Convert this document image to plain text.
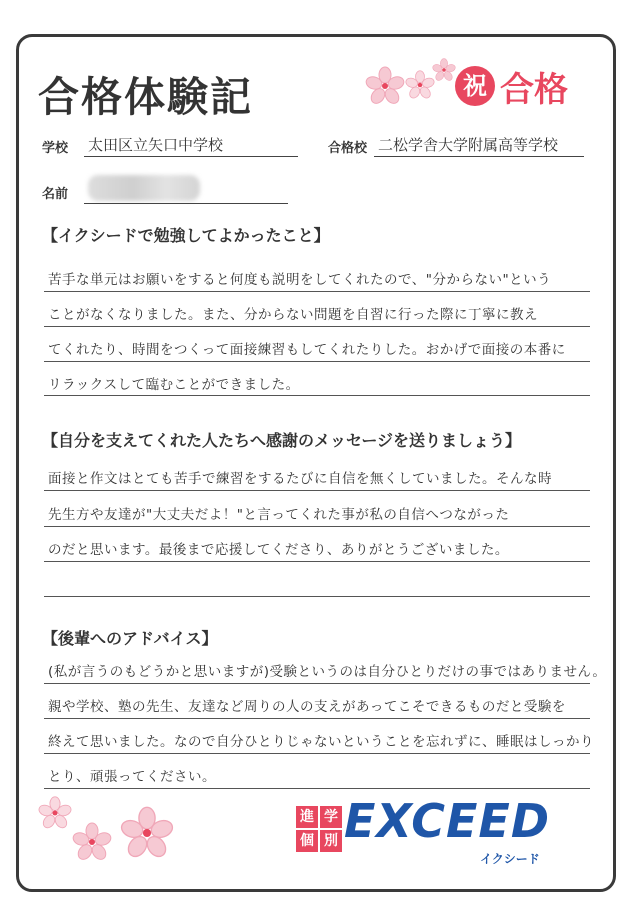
合格体験記	祝 合格
学校 太田区立矢口中学校	合格校 二松学舎大学附属高等学校
名前
【イクシードで勉強してよかったこと】
苦手な単元はお願いをすると何度も説明をしてくれたので、"分からない"という
ことがなくなりました。また、分からない問題を自習に行った際に丁寧に教え
てくれたり、時間をつくって面接練習もしてくれたりした。おかげで面接の本番に
リラックスして臨むことができました。
【自分を支えてくれた人たちへ感謝のメッセージを送りましょう】
面接と作文はとても苦手で練習をするたびに自信を無くしていました。そんな時
先生方や友達が"大丈夫だよ！"と言ってくれた事が私の自信へつながった
のだと思います。最後まで応援してくださり、ありがとうございました。
【後輩へのアドバイス】
(私が言うのもどうかと思いますが)受験というのは自分ひとりだけの事ではありません。
親や学校、塾の先生、友達など周りの人の支えがあってこそできるものだと受験を
終えて思いました。なので自分ひとりじゃないということを忘れずに、睡眠はしっかり
とり、頑張ってください。
進 学
個 別 EXCEED
イクシード
